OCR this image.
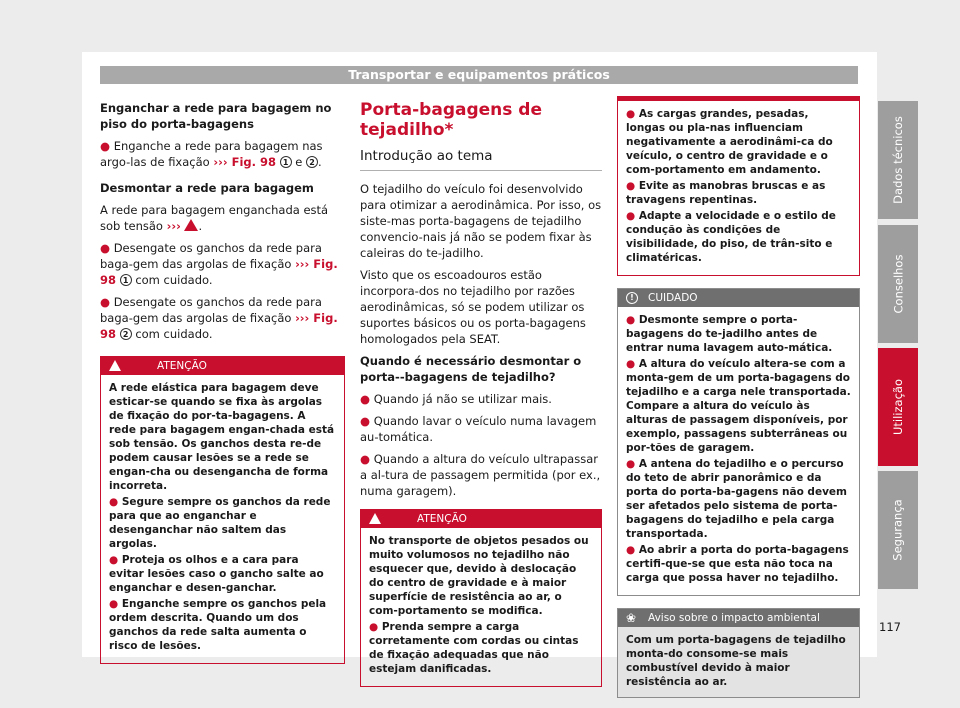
Transportar e equipamentos práticos

Enganchar a rede para bagagem no piso do porta-bagagens

● Enganche a rede para bagagem nas argo-las de fixação ››› Fig. 98 1 e 2 .

Desmontar a rede para bagagem

A rede para bagagem enganchada está sob tensão ››› .

● Desengate os ganchos da rede para baga-gem das argolas de fixação ››› Fig. 98 1 com cuidado.

● Desengate os ganchos da rede para baga-gem das argolas de fixação ››› Fig. 98 2 com cuidado.

ATENÇÃO

A rede elástica para bagagem deve esticar-se quando se fixa às argolas de fixação do por-ta-bagagens. A rede para bagagem engan-chada está sob tensão. Os ganchos desta re-de podem causar lesões se a rede se engan-cha ou desengancha de forma incorreta.

● Segure sempre os ganchos da rede para que ao enganchar e desenganchar não saltem das argolas.

● Proteja os olhos e a cara para evitar lesões caso o gancho salte ao enganchar e desen-ganchar.

● Enganche sempre os ganchos pela ordem descrita. Quando um dos ganchos da rede salta aumenta o risco de lesões.

Porta-bagagens de tejadilho*
Introdução ao tema

O tejadilho do veículo foi desenvolvido para otimizar a aerodinâmica. Por isso, os siste-mas porta-bagagens de tejadilho convencio-nais já não se podem fixar às caleiras do te-jadilho.

Visto que os escoadouros estão incorpora-dos no tejadilho por razões aerodinâmicas, só se podem utilizar os suportes básicos ou os porta-bagagens homologados pela SEAT.

Quando é necessário desmontar o porta--bagagens de tejadilho?

● Quando já não se utilizar mais.

● Quando lavar o veículo numa lavagem au-tomática.

● Quando a altura do veículo ultrapassar a al-tura de passagem permitida (por ex., numa garagem).

ATENÇÃO

No transporte de objetos pesados ou muito volumosos no tejadilho não esquecer que, devido à deslocação do centro de gravidade e à maior superfície de resistência ao ar, o com-portamento se modifica.

● Prenda sempre a carga corretamente com cordas ou cintas de fixação adequadas que não estejam danificadas.

● As cargas grandes, pesadas, longas ou pla-nas influenciam negativamente a aerodinâmi-ca do veículo, o centro de gravidade e o com-portamento em andamento.

● Evite as manobras bruscas e as travagens repentinas.

● Adapte a velocidade e o estilo de condução às condições de visibilidade, do piso, de trân-sito e climatéricas.

!	CUIDADO

● Desmonte sempre o porta-bagagens do te-jadilho antes de entrar numa lavagem auto-mática.

● A altura do veículo altera-se com a monta-gem de um porta-bagagens do tejadilho e a carga nele transportada. Compare a altura do veículo às alturas de passagem disponíveis, por exemplo, passagens subterrâneas ou por-tões de garagem.

● A antena do tejadilho e o percurso do teto de abrir panorâmico e da porta do porta-ba-gagens não devem ser afetados pelo sistema de porta-bagagens do tejadilho e pela carga transportada.

● Ao abrir a porta do porta-bagagens certifi-que-se que esta não toca na carga que possa haver no tejadilho.

❀ Aviso sobre o impacto ambiental
Com um porta-bagagens de tejadilho monta-do consome-se mais combustível devido à maior resistência ao ar.
Dados técnicos
Conselhos
Utilização
Segurança
117
